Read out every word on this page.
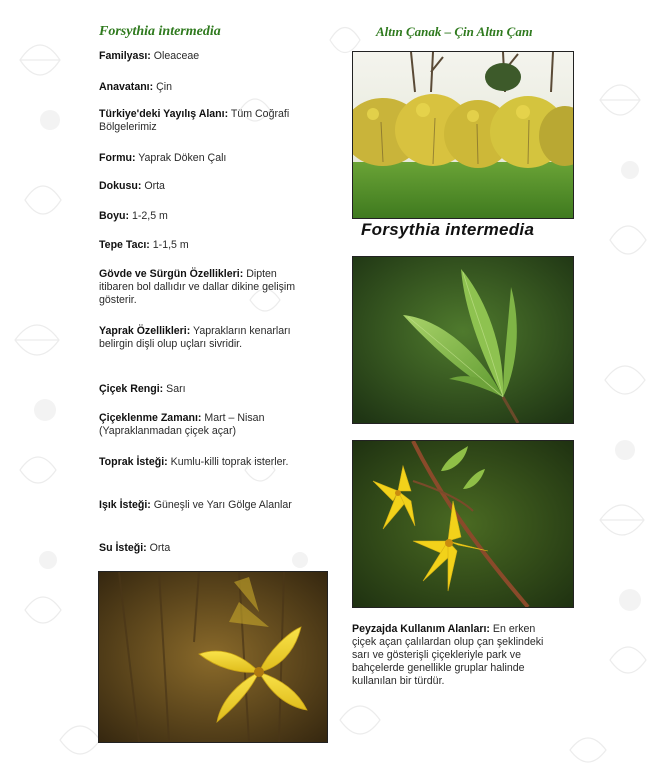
Forsythia intermedia	Altın Çanak – Çin Altın Çanı

Familyası: Oleaceae

Anavatanı: Çin

Türkiye'deki Yayılış Alanı: Tüm Coğrafi Bölgelerimiz

Formu: Yaprak Döken Çalı

Dokusu: Orta

Boyu: 1-2,5 m

Tepe Tacı: 1-1,5 m

Gövde ve Sürgün Özellikleri: Dipten itibaren bol dallıdır ve dallar dikine gelişim gösterir.

Yaprak Özellikleri: Yaprakların kenarları belirgin dişli olup uçları sivridir.

Çiçek Rengi: Sarı

Çiçeklenme Zamanı: Mart – Nisan (Yapraklanmadan çiçek açar)

Toprak İsteği: Kumlu-killi toprak isterler.

Işık İsteği: Güneşli ve Yarı Gölge Alanlar

Su İsteği: Orta

Forsythia intermedia
Peyzajda Kullanım Alanları: En erken çiçek açan çalılardan olup çan şeklindeki sarı ve gösterişli çiçekleriyle park ve bahçelerde genellikle gruplar halinde kullanılan bir türdür.
